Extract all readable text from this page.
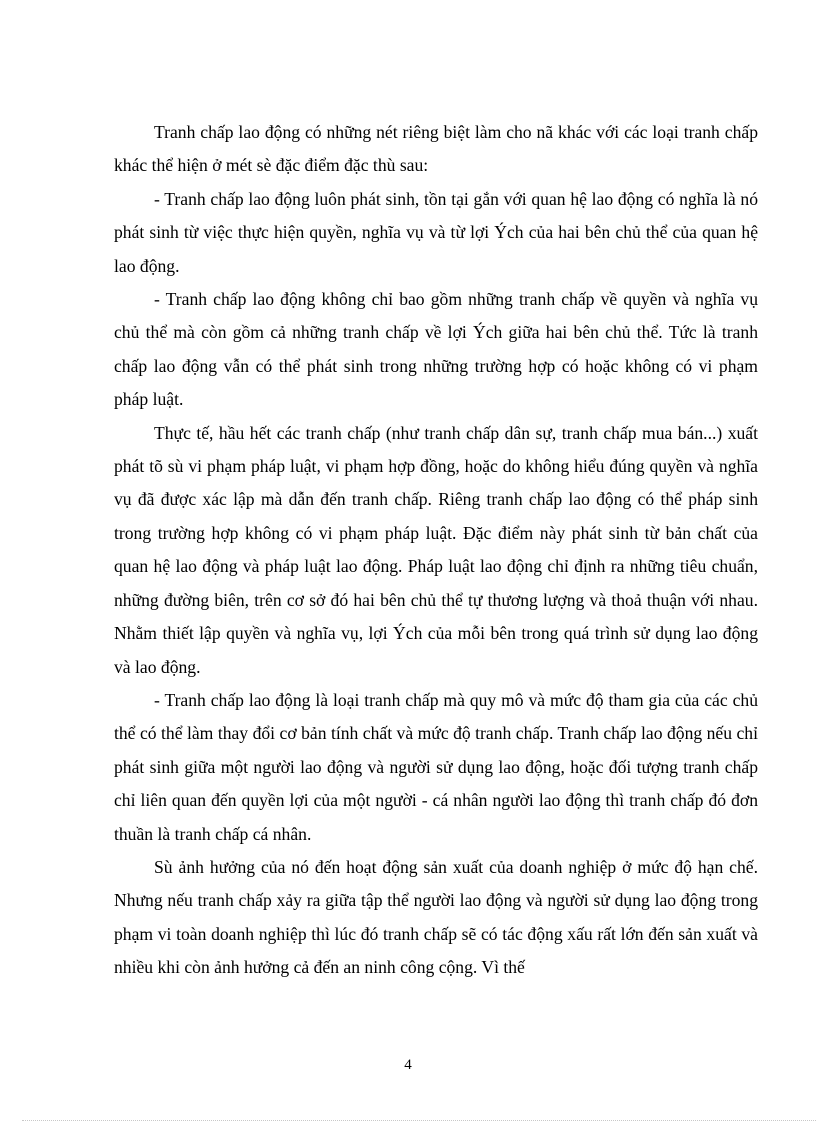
Tranh chấp lao động có những nét riêng biệt làm cho nã khác với các loại tranh chấp khác thể hiện ở mét sè đặc điểm đặc thù sau:

- Tranh chấp lao động luôn phát sinh, tồn tại gắn với quan hệ lao động có nghĩa là nó phát sinh từ việc thực hiện quyền, nghĩa vụ và từ lợi Ých của hai bên chủ thể của quan hệ lao động.

- Tranh chấp lao động không chỉ bao gồm những tranh chấp về quyền và nghĩa vụ chủ thể mà còn gồm cả những tranh chấp về lợi Ých giữa hai bên chủ thể. Tức là tranh chấp lao động vẫn có thể phát sinh trong những trường hợp có hoặc không có vi phạm pháp luật.

Thực tế, hầu hết các tranh chấp (như tranh chấp dân sự, tranh chấp mua bán...) xuất phát tõ sù vi phạm pháp luật, vi phạm hợp đồng, hoặc do không hiểu đúng quyền và nghĩa vụ đã được xác lập mà dẫn đến tranh chấp. Riêng tranh chấp lao động có thể pháp sinh trong trường hợp không có vi phạm pháp luật. Đặc điểm này phát sinh từ bản chất của quan hệ lao động và pháp luật lao động. Pháp luật lao động chỉ định ra những tiêu chuẩn, những đường biên, trên cơ sở đó hai bên chủ thể tự thương lượng và thoả thuận với nhau. Nhằm thiết lập quyền và nghĩa vụ, lợi Ých của mỗi bên trong quá trình sử dụng lao động và lao động.

- Tranh chấp lao động là loại tranh chấp mà quy mô và mức độ tham gia của các chủ thể có thể làm thay đổi cơ bản tính chất và mức độ tranh chấp. Tranh chấp lao động nếu chỉ phát sinh giữa một người lao động và người sử dụng lao động, hoặc đối tượng tranh chấp chỉ liên quan đến quyền lợi của một người - cá nhân người lao động thì tranh chấp đó đơn thuần là tranh chấp cá nhân.

Sù ảnh hưởng của nó đến hoạt động sản xuất của doanh nghiệp ở mức độ hạn chế. Nhưng nếu tranh chấp xảy ra giữa tập thể người lao động và người sử dụng lao động trong phạm vi toàn doanh nghiệp thì lúc đó tranh chấp sẽ có tác động xấu rất lớn đến sản xuất và nhiều khi còn ảnh hưởng cả đến an ninh công cộng. Vì thế

4
